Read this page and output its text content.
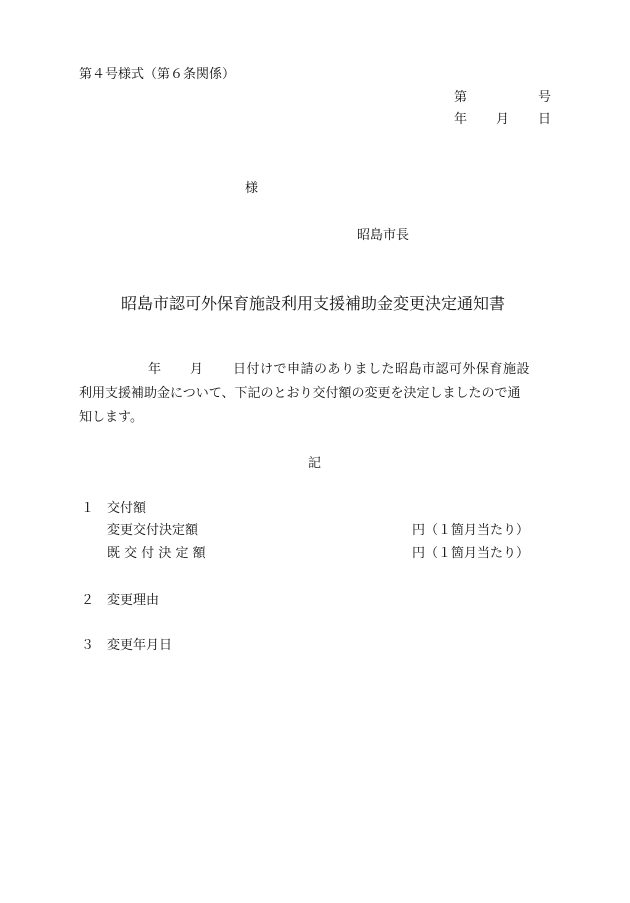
第４号様式（第６条関係）
第	号
年 月 日
様
昭島市長
昭島市認可外保育施設利用支援補助金変更決定通知書
年 月 日付けで申請のありました昭島市認可外保育施設
利用支援補助金について、下記のとおり交付額の変更を決定しましたので通
知します。
記
１ 交付額
変更交付決定額	円（１箇月当たり）
既 交 付 決 定 額	円（１箇月当たり）
２ 変更理由
３ 変更年月日
